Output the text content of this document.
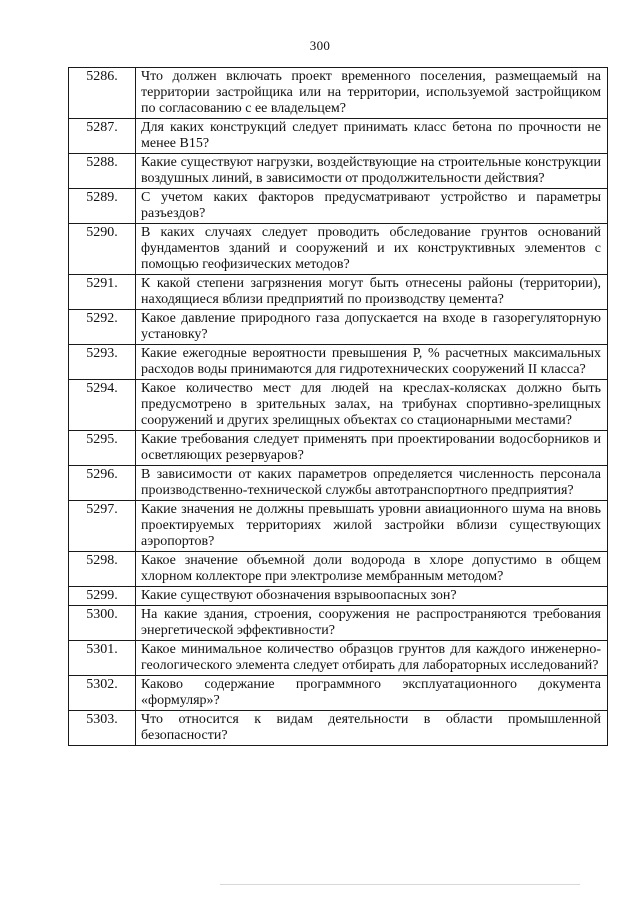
300
5286.	Что должен включать проект временного поселения, размещаемый на территории застройщика или на территории, используемой застройщиком по согласованию с ее владельцем?
5287.	Для каких конструкций следует принимать класс бетона по прочности не менее В15?
5288.	Какие существуют нагрузки, воздействующие на строительные конструкции воздушных линий, в зависимости от продолжительности действия?
5289.	С учетом каких факторов предусматривают устройство и параметры разъездов?
5290.	В каких случаях следует проводить обследование грунтов оснований фундаментов зданий и сооружений и их конструктивных элементов с помощью геофизических методов?
5291.	К какой степени загрязнения могут быть отнесены районы (территории), находящиеся вблизи предприятий по производству цемента?
5292.	Какое давление природного газа допускается на входе в газорегуляторную установку?
5293.	Какие ежегодные вероятности превышения Р, % расчетных максимальных расходов воды принимаются для гидротехнических сооружений II класса?
5294.	Какое количество мест для людей на креслах-колясках должно быть предусмотрено в зрительных залах, на трибунах спортивно-зрелищных сооружений и других зрелищных объектах со стационарными местами?
5295.	Какие требования следует применять при проектировании водосборников и осветляющих резервуаров?
5296.	В зависимости от каких параметров определяется численность персонала производственно-технической службы автотранспортного предприятия?
5297.	Какие значения не должны превышать уровни авиационного шума на вновь проектируемых территориях жилой застройки вблизи существующих аэропортов?
5298.	Какое значение объемной доли водорода в хлоре допустимо в общем хлорном коллекторе при электролизе мембранным методом?
5299.	Какие существуют обозначения взрывоопасных зон?
5300.	На какие здания, строения, сооружения не распространяются требования энергетической эффективности?
5301.	Какое минимальное количество образцов грунтов для каждого инженерно-геологического элемента следует отбирать для лабораторных исследований?
5302.	Каково содержание программного эксплуатационного документа «формуляр»?
5303.	Что относится к видам деятельности в области промышленной безопасности?
